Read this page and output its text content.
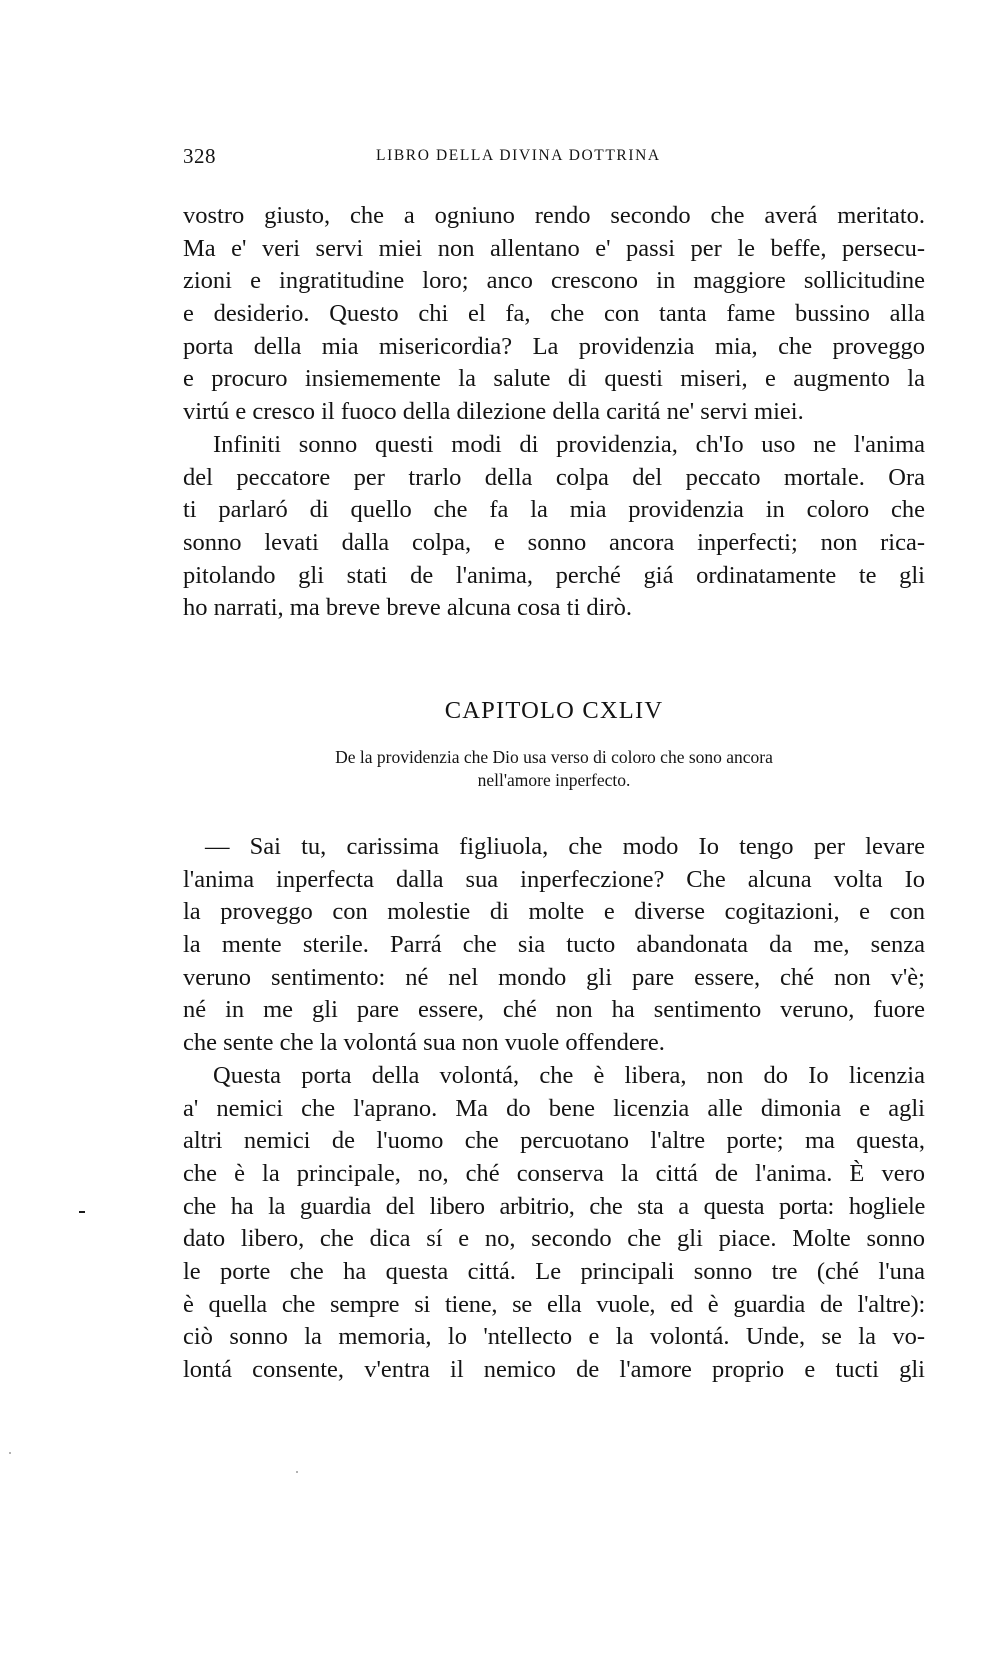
328	LIBRO DELLA DIVINA DOTTRINA
vostro giusto, che a ogniuno rendo secondo che averá meritato.
Ma e' veri servi miei non allentano e' passi per le beffe, persecu-
zioni e ingratitudine loro; anco crescono in maggiore sollicitudine
e desiderio. Questo chi el fa, che con tanta fame bussino alla
porta della mia misericordia? La providenzia mia, che proveggo
e procuro insiememente la salute di questi miseri, e augmento la
virtú e cresco il fuoco della dilezione della caritá ne' servi miei.
Infiniti sonno questi modi di providenzia, ch'Io uso ne l'anima
del peccatore per trarlo della colpa del peccato mortale. Ora
ti parlaró di quello che fa la mia providenzia in coloro che
sonno levati dalla colpa, e sonno ancora inperfecti; non rica-
pitolando gli stati de l'anima, perché giá ordinatamente te gli
ho narrati, ma breve breve alcuna cosa ti dirò.
CAPITOLO CXLIV
De la providenzia che Dio usa verso di coloro che sono ancora
nell'amore inperfecto.
— Sai tu, carissima figliuola, che modo Io tengo per levare
l'anima inperfecta dalla sua inperfeczione? Che alcuna volta Io
la proveggo con molestie di molte e diverse cogitazioni, e con
la mente sterile. Parrá che sia tucto abandonata da me, senza
veruno sentimento: né nel mondo gli pare essere, ché non v'è;
né in me gli pare essere, ché non ha sentimento veruno, fuore
che sente che la volontá sua non vuole offendere.
Questa porta della volontá, che è libera, non do Io licenzia
a' nemici che l'aprano. Ma do bene licenzia alle dimonia e agli
altri nemici de l'uomo che percuotano l'altre porte; ma questa,
che è la principale, no, ché conserva la cittá de l'anima. È vero
che ha la guardia del libero arbitrio, che sta a questa porta: hogliele
dato libero, che dica sí e no, secondo che gli piace. Molte sonno
le porte che ha questa cittá. Le principali sonno tre (ché l'una
è quella che sempre si tiene, se ella vuole, ed è guardia de l'altre):
ciò sonno la memoria, lo 'ntellecto e la volontá. Unde, se la vo-
lontá consente, v'entra il nemico de l'amore proprio e tucti gli
